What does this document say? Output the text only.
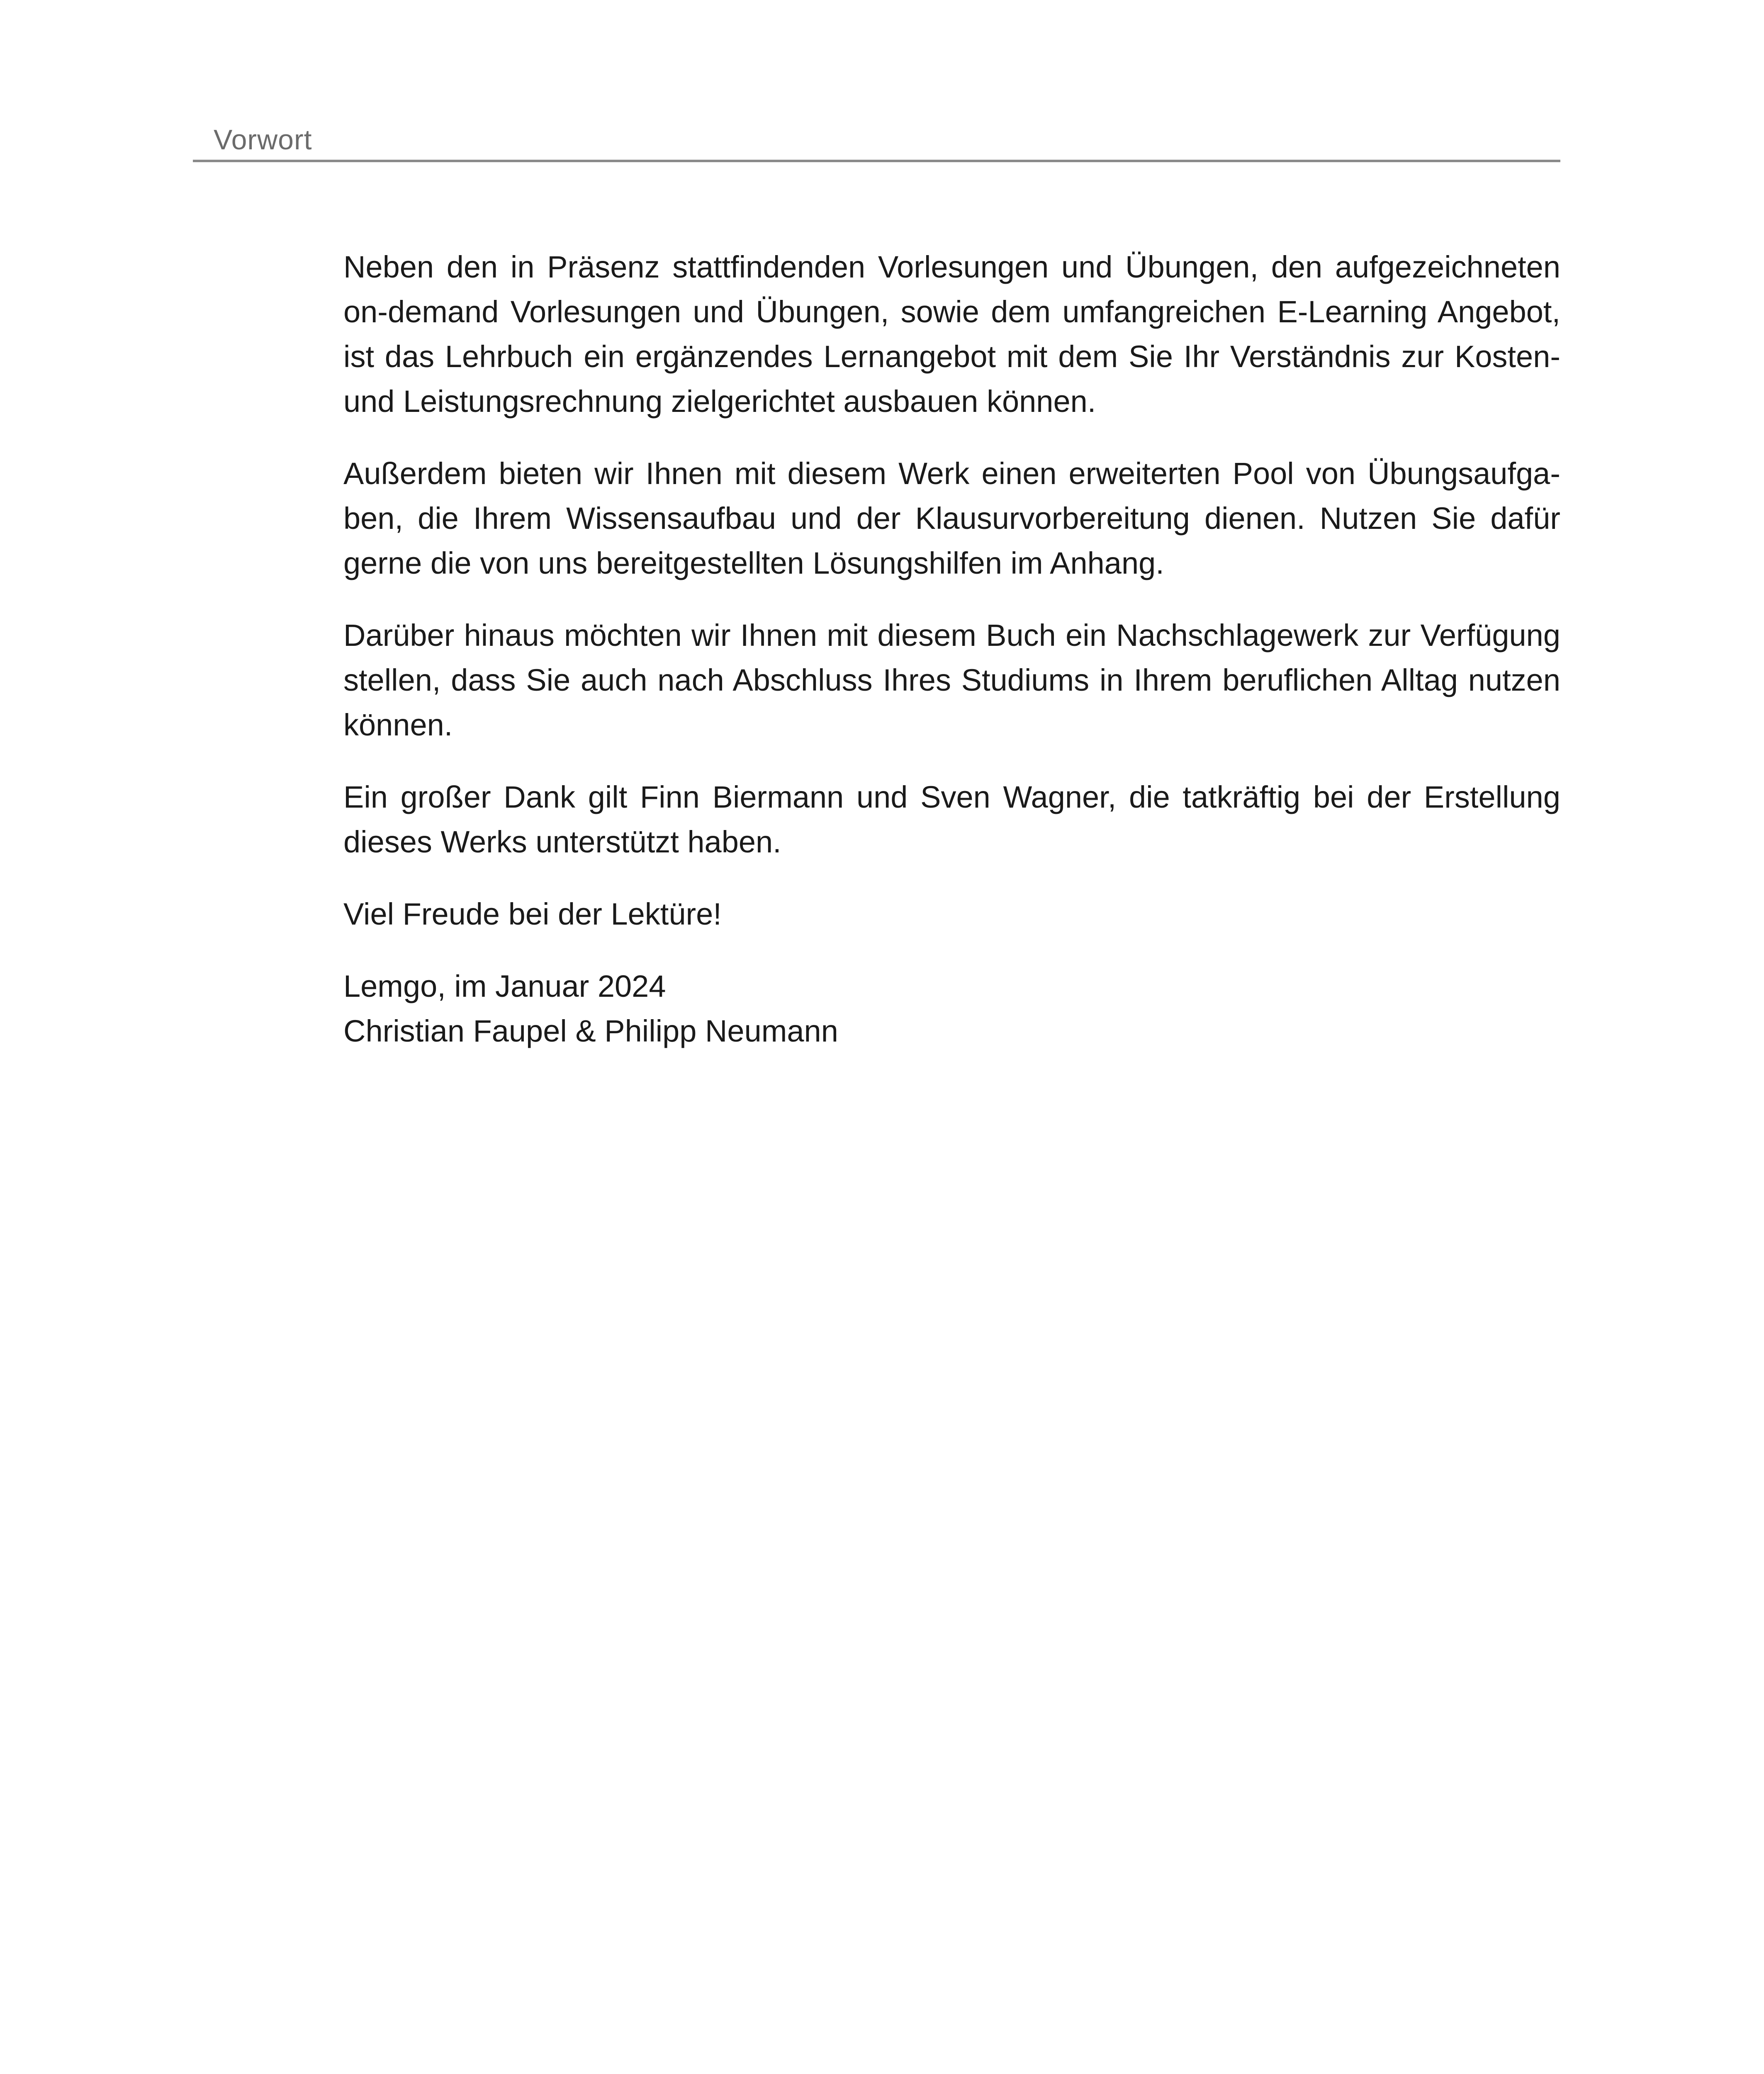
Vorwort

Neben den in Präsenz stattfindenden Vorlesungen und Übungen, den aufgezeichneten on-demand Vorlesungen und Übungen, sowie dem umfangreichen E-Learning Angebot, ist das Lehrbuch ein ergänzendes Lernangebot mit dem Sie Ihr Verständnis zur Kosten- und Leistungsrechnung zielgerichtet ausbauen können.

Außerdem bieten wir Ihnen mit diesem Werk einen erweiterten Pool von Übungsaufgaben, die Ihrem Wissensaufbau und der Klausurvorbereitung dienen. Nutzen Sie dafür gerne die von uns bereitgestellten Lösungshilfen im Anhang.

Darüber hinaus möchten wir Ihnen mit diesem Buch ein Nachschlagewerk zur Verfügung stellen, dass Sie auch nach Abschluss Ihres Studiums in Ihrem beruflichen Alltag nutzen können.

Ein großer Dank gilt Finn Biermann und Sven Wagner, die tatkräftig bei der Erstellung dieses Werks unterstützt haben.

Viel Freude bei der Lektüre!

Lemgo, im Januar 2024
Christian Faupel & Philipp Neumann
